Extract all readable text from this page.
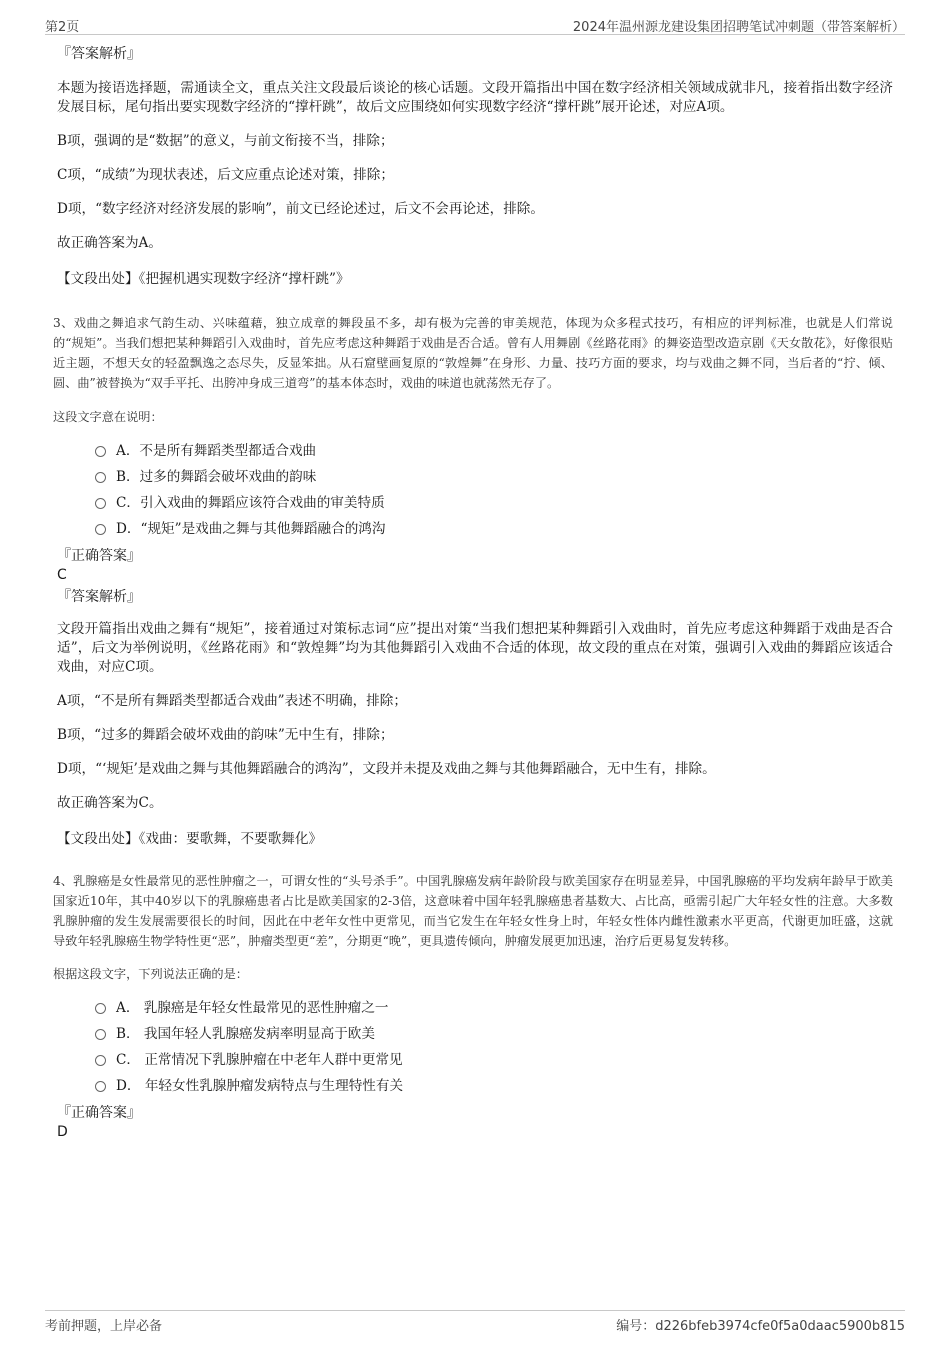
第2页	2024年温州源龙建设集团招聘笔试冲刺题（带答案解析）
『答案解析』
本题为接语选择题，需通读全文，重点关注文段最后谈论的核心话题。文段开篇指出中国在数字经济相关领域成就非凡，接着指出数字经济发展目标，尾句指出要实现数字经济的“撑杆跳”，故后文应围绕如何实现数字经济“撑杆跳”展开论述，对应A项。
B项，强调的是“数据”的意义，与前文衔接不当，排除；
C项，“成绩”为现状表述，后文应重点论述对策，排除；
D项，“数字经济对经济发展的影响”，前文已经论述过，后文不会再论述，排除。
故正确答案为A。
【文段出处】《把握机遇实现数字经济“撑杆跳”》
3、戏曲之舞追求气韵生动、兴味蕴藉，独立成章的舞段虽不多，却有极为完善的审美规范，体现为众多程式技巧，有相应的评判标准，也就是人们常说的“规矩”。当我们想把某种舞蹈引入戏曲时，首先应考虑这种舞蹈于戏曲是否合适。曾有人用舞剧《丝路花雨》的舞姿造型改造京剧《天女散花》，好像很贴近主题，不想天女的轻盈飘逸之态尽失，反显笨拙。从石窟壁画复原的“敦煌舞”在身形、力量、技巧方面的要求，均与戏曲之舞不同，当后者的“拧、倾、圆、曲”被替换为“双手平托、出胯冲身成三道弯”的基本体态时，戏曲的味道也就荡然无存了。
这段文字意在说明：
A．不是所有舞蹈类型都适合戏曲
B．过多的舞蹈会破坏戏曲的韵味
C．引入戏曲的舞蹈应该符合戏曲的审美特质
D．“规矩”是戏曲之舞与其他舞蹈融合的鸿沟
『正确答案』
C
『答案解析』
文段开篇指出戏曲之舞有“规矩”，接着通过对策标志词“应”提出对策“当我们想把某种舞蹈引入戏曲时，首先应考虑这种舞蹈于戏曲是否合适”，后文为举例说明，《丝路花雨》和“敦煌舞”均为其他舞蹈引入戏曲不合适的体现，故文段的重点在对策，强调引入戏曲的舞蹈应该适合戏曲，对应C项。
A项，“不是所有舞蹈类型都适合戏曲”表述不明确，排除；
B项，“过多的舞蹈会破坏戏曲的韵味”无中生有，排除；
D项，“‘规矩’是戏曲之舞与其他舞蹈融合的鸿沟”，文段并未提及戏曲之舞与其他舞蹈融合，无中生有，排除。
故正确答案为C。
【文段出处】《戏曲：要歌舞，不要歌舞化》
4、乳腺癌是女性最常见的恶性肿瘤之一，可谓女性的“头号杀手”。中国乳腺癌发病年龄阶段与欧美国家存在明显差异，中国乳腺癌的平均发病年龄早于欧美国家近10年，其中40岁以下的乳腺癌患者占比是欧美国家的2-3倍，这意味着中国年轻乳腺癌患者基数大、占比高，亟需引起广大年轻女性的注意。大多数乳腺肿瘤的发生发展需要很长的时间，因此在中老年女性中更常见，而当它发生在年轻女性身上时，年轻女性体内雌性激素水平更高，代谢更加旺盛，这就导致年轻乳腺癌生物学特性更“恶”，肿瘤类型更“差”，分期更“晚”，更具遗传倾向，肿瘤发展更加迅速，治疗后更易复发转移。
根据这段文字，下列说法正确的是：
A． 乳腺癌是年轻女性最常见的恶性肿瘤之一
B． 我国年轻人乳腺癌发病率明显高于欧美
C． 正常情况下乳腺肿瘤在中老年人群中更常见
D． 年轻女性乳腺肿瘤发病特点与生理特性有关
『正确答案』
D
考前押题，上岸必备	编号：d226bfeb3974cfe0f5a0daac5900b815
